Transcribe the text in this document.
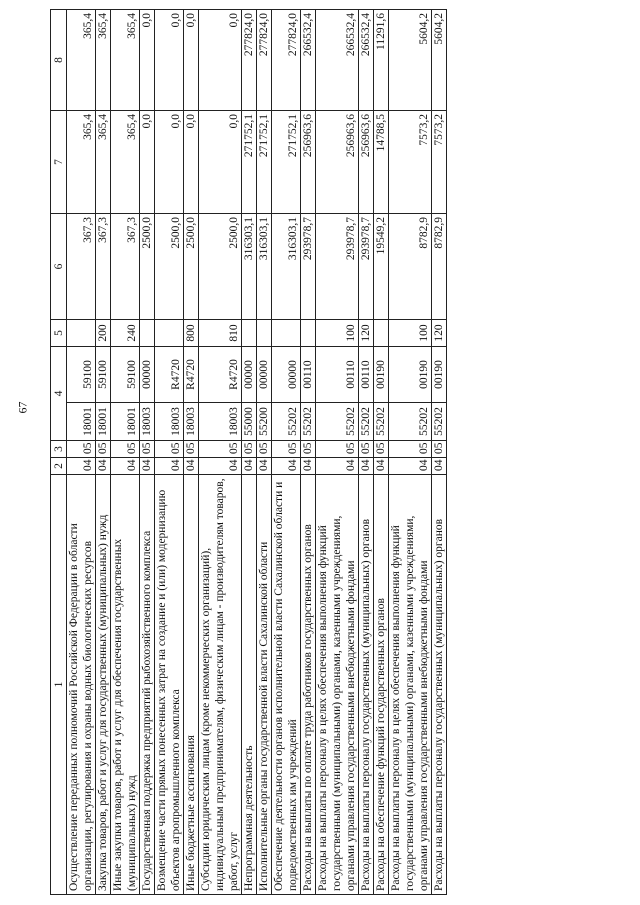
67
1	2	3	4		5	6	7	8
Осуществление переданных полномочий Российской Федерации в области организации, регулирования и охраны водных биологических ресурсов	04	05	18001	59100		367,3	365,4	365,4
Закупка товаров, работ и услуг для государственных (муниципальных) нужд	04	05	18001	59100	200	367,3	365,4	365,4
Иные закупки товаров, работ и услуг для обеспечения государственных (муниципальных) нужд	04	05	18001	59100	240	367,3	365,4	365,4
Государственная поддержка предприятий рыбохозяйственного комплекса	04	05	18003	00000		2500,0	0,0	0,0
Возмещение части прямых понесенных затрат на создание и (или) модернизацию объектов агропромышленного комплекса	04	05	18003	R4720		2500,0	0,0	0,0
Иные бюджетные ассигнования	04	05	18003	R4720	800	2500,0	0,0	0,0
Субсидии юридическим лицам (кроме некоммерческих организаций), индивидуальным предпринимателям, физическим лицам - производителям товаров, работ, услуг	04	05	18003	R4720	810	2500,0	0,0	0,0
Непрограммная деятельность	04	05	55000	00000		316303,1	271752,1	277824,0
Исполнительные органы государственной власти Сахалинской области	04	05	55200	00000		316303,1	271752,1	277824,0
Обеспечение деятельности органов исполнительной власти Сахалинской области и подведомственных им учреждений	04	05	55202	00000		316303,1	271752,1	277824,0
Расходы на выплаты по оплате труда работников государственных органов	04	05	55202	00110		293978,7	256963,6	266532,4
Расходы на выплаты персоналу в целях обеспечения выполнения функций государственными (муниципальными) органами, казенными учреждениями, органами управления государственными внебюджетными фондами	04	05	55202	00110	100	293978,7	256963,6	266532,4
Расходы на выплаты персоналу государственных (муниципальных) органов	04	05	55202	00110	120	293978,7	256963,6	266532,4
Расходы на обеспечение функций государственных органов	04	05	55202	00190		19549,2	14788,5	11291,6
Расходы на выплаты персоналу в целях обеспечения выполнения функций государственными (муниципальными) органами, казенными учреждениями, органами управления государственными внебюджетными фондами	04	05	55202	00190	100	8782,9	7573,2	5604,2
Расходы на выплаты персоналу государственных (муниципальных) органов	04	05	55202	00190	120	8782,9	7573,2	5604,2
